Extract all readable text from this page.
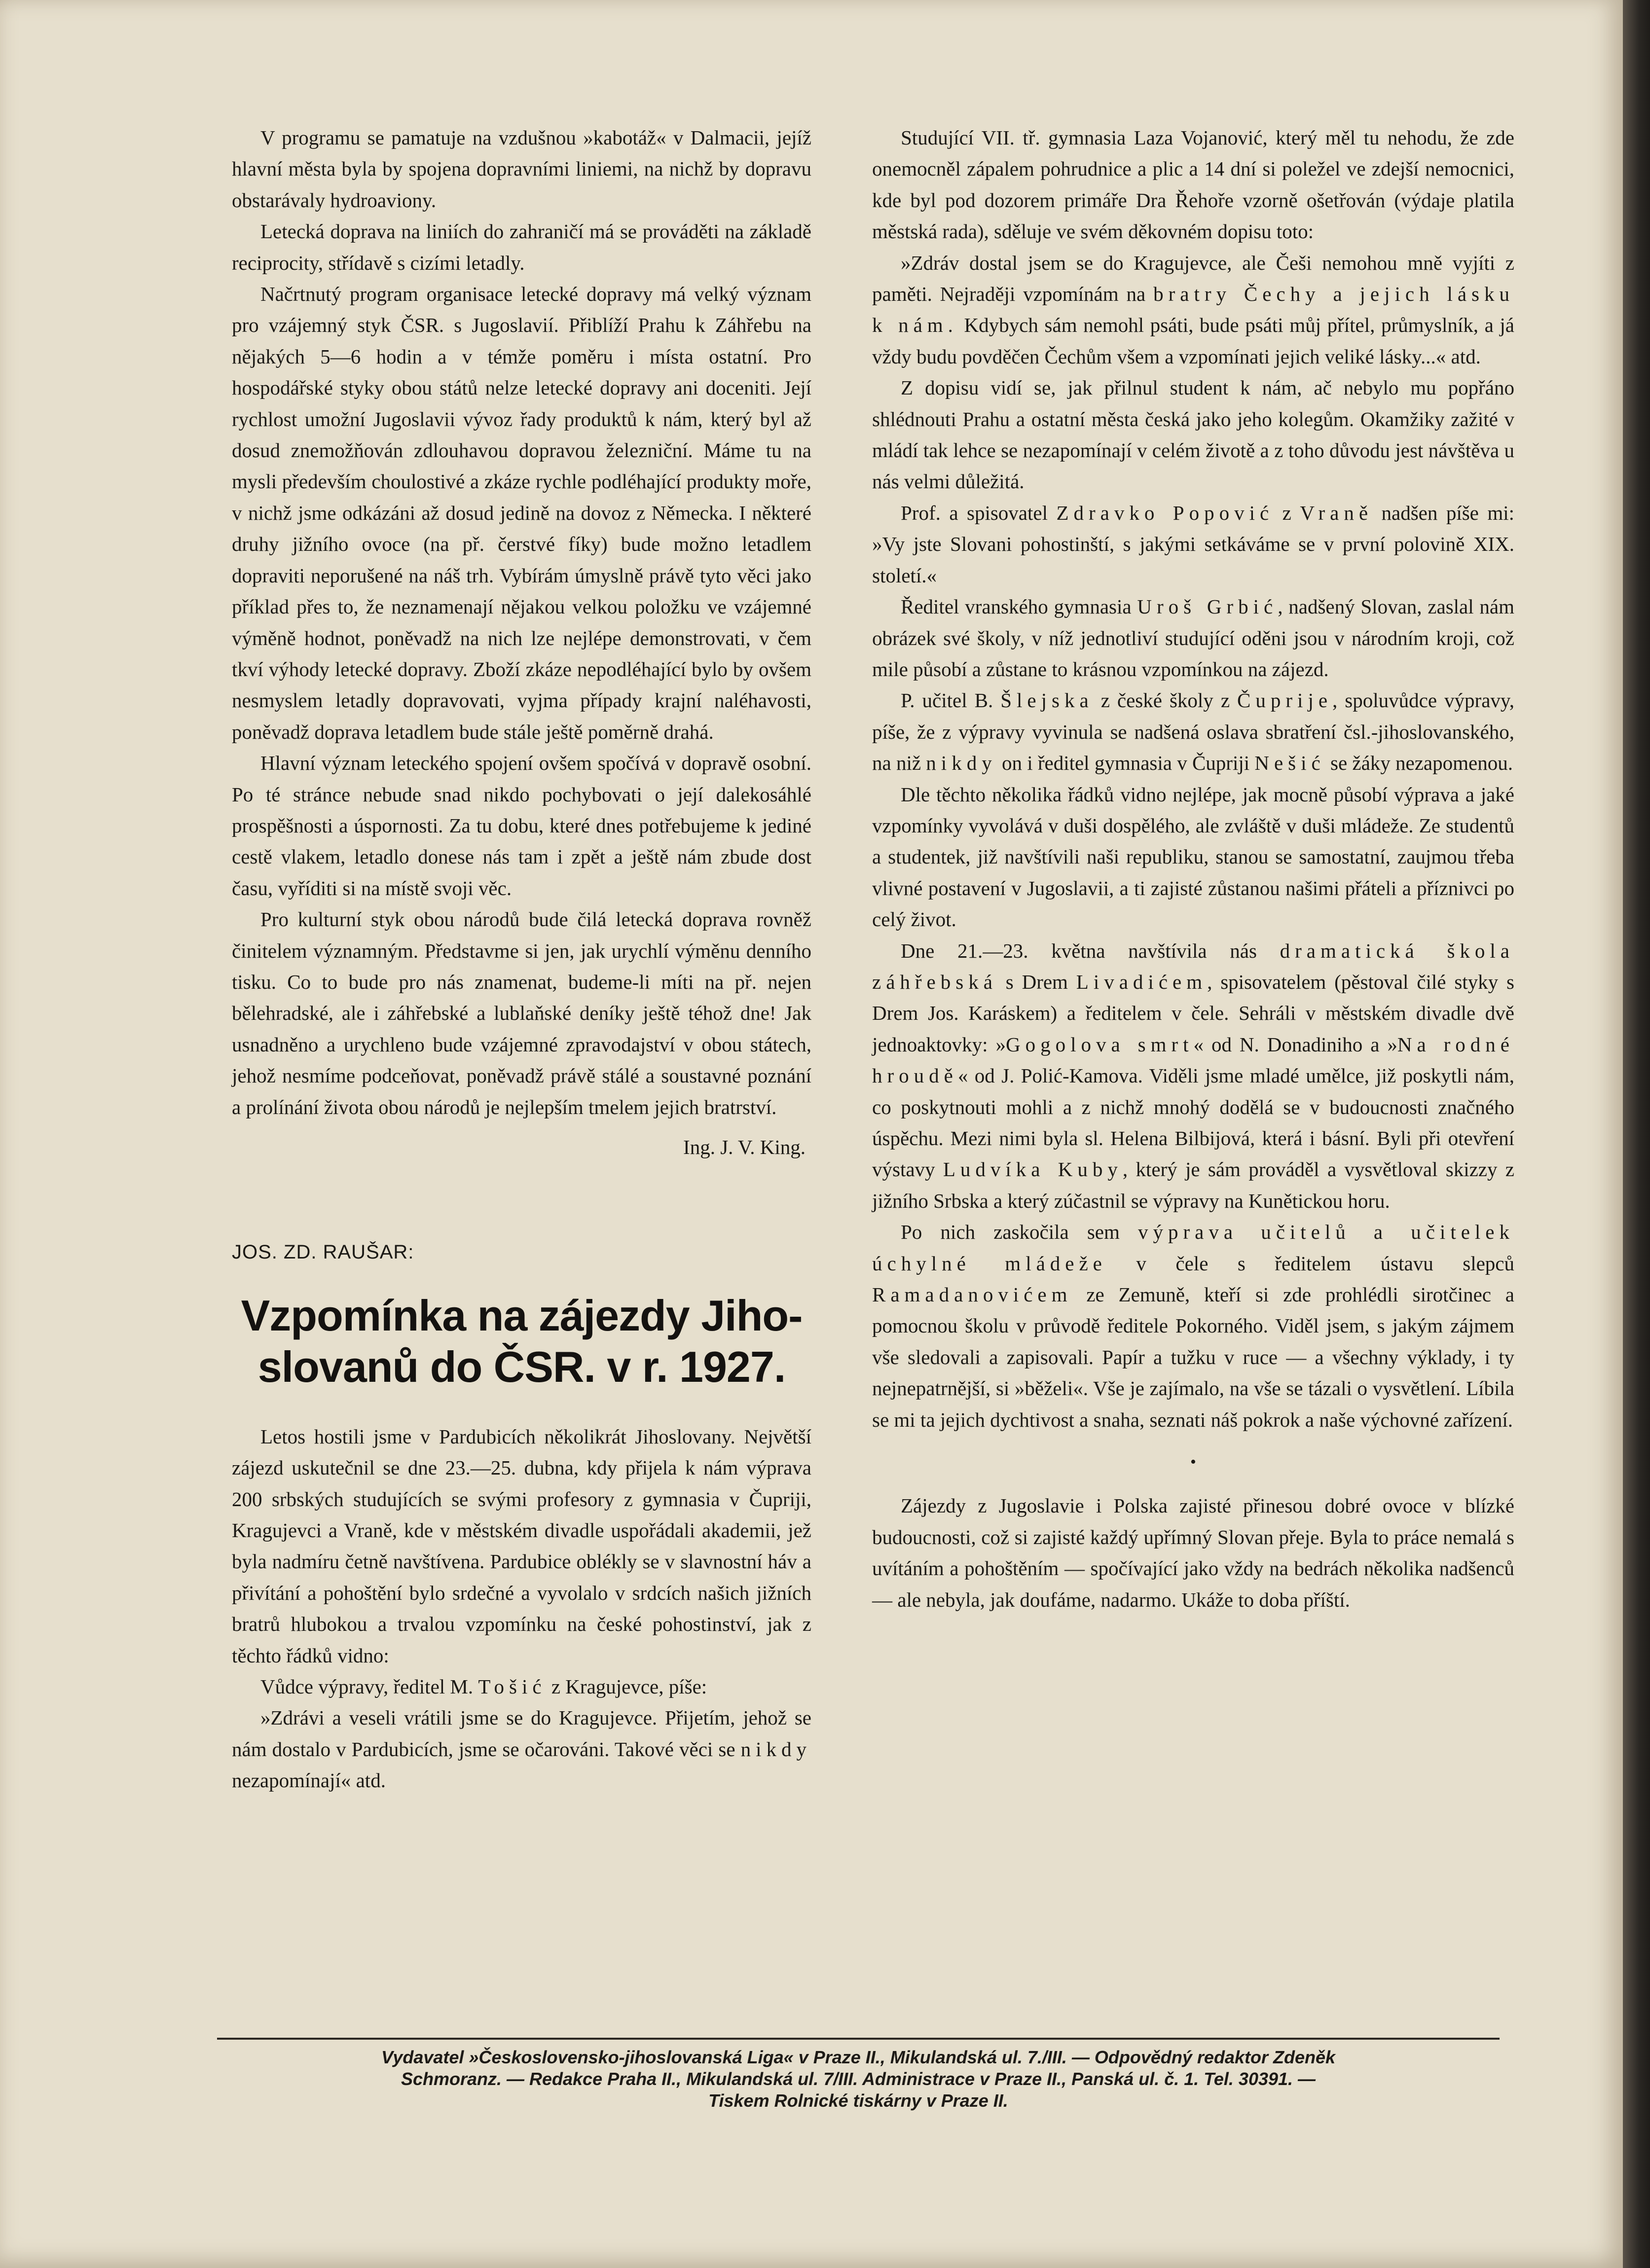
V programu se pamatuje na vzdušnou »kabotáž« v Dalmacii, jejíž hlavní města byla by spojena dopravními liniemi, na nichž by dopravu obstarávaly hydroaviony.

Letecká doprava na liniích do zahraničí má se prováděti na základě reciprocity, střídavě s cizími letadly.

Načrtnutý program organisace letecké dopravy má velký význam pro vzájemný styk ČSR. s Jugoslavií. Přiblíží Prahu k Záhřebu na nějakých 5—6 hodin a v témže poměru i místa ostatní. Pro hospodářské styky obou států nelze letecké dopravy ani doceniti. Její rychlost umožní Jugoslavii vývoz řady produktů k nám, který byl až dosud znemožňován zdlouhavou dopravou železniční. Máme tu na mysli především choulostivé a zkáze rychle podléhající produkty moře, v nichž jsme odkázáni až dosud jedině na dovoz z Německa. I některé druhy jižního ovoce (na př. čerstvé fíky) bude možno letadlem dopraviti neporušené na náš trh. Vybírám úmyslně právě tyto věci jako příklad přes to, že neznamenají nějakou velkou položku ve vzájemné výměně hodnot, poněvadž na nich lze nejlépe demonstrovati, v čem tkví výhody letecké dopravy. Zboží zkáze nepodléhající bylo by ovšem nesmyslem letadly dopravovati, vyjma případy krajní naléhavosti, poněvadž doprava letadlem bude stále ještě poměrně drahá.

Hlavní význam leteckého spojení ovšem spočívá v dopravě osobní. Po té stránce nebude snad nikdo pochybovati o její dalekosáhlé prospěšnosti a úspornosti. Za tu dobu, které dnes potřebujeme k jediné cestě vlakem, letadlo donese nás tam i zpět a ještě nám zbude dost času, vyříditi si na místě svoji věc.

Pro kulturní styk obou národů bude čilá letecká doprava rovněž činitelem významným. Představme si jen, jak urychlí výměnu denního tisku. Co to bude pro nás znamenat, budeme-li míti na př. nejen bělehradské, ale i záhřebské a lublaňské deníky ještě téhož dne! Jak usnadněno a urychleno bude vzájemné zpravodajství v obou státech, jehož nesmíme podceňovat, poněvadž právě stálé a soustavné poznání a prolínání života obou národů je nejlepším tmelem jejich bratrství.

Ing. J. V. King.
JOS. ZD. RAUŠAR:
Vzpomínka na zájezdy Jiho-
slovanů do ČSR. v r. 1927.

Letos hostili jsme v Pardubicích několikrát Jihoslovany. Největší zájezd uskutečnil se dne 23.—25. dubna, kdy přijela k nám výprava 200 srbských studujících se svými profesory z gymnasia v Čupriji, Kragujevci a Vraně, kde v městském divadle uspořádali akademii, jež byla nadmíru četně navštívena. Pardubice oblékly se v slavnostní háv a přivítání a pohoštění bylo srdečné a vyvolalo v srdcích našich jižních bratrů hlubokou a trvalou vzpomínku na české pohostinství, jak z těchto řádků vidno:

Vůdce výpravy, ředitel M. Tošić z Kragujevce, píše:

»Zdrávi a veseli vrátili jsme se do Kragujevce. Přijetím, jehož se nám dostalo v Pardubicích, jsme se očarováni. Takové věci se nikdy nezapomínají« atd.

Studující VII. tř. gymnasia Laza Vojanović, který měl tu nehodu, že zde onemocněl zápalem pohrudnice a plic a 14 dní si poležel ve zdejší nemocnici, kde byl pod dozorem primáře Dra Řehoře vzorně ošetřován (výdaje platila městská rada), sděluje ve svém děkovném dopisu toto:

»Zdráv dostal jsem se do Kragujevce, ale Češi nemohou mně vyjíti z paměti. Nejraději vzpomínám na bratry Čechy a jejich lásku k nám. Kdybych sám nemohl psáti, bude psáti můj přítel, průmyslník, a já vždy budu povděčen Čechům všem a vzpomínati jejich veliké lásky...« atd.

Z dopisu vidí se, jak přilnul student k nám, ač nebylo mu popřáno shlédnouti Prahu a ostatní města česká jako jeho kolegům. Okamžiky zažité v mládí tak lehce se nezapomínají v celém životě a z toho důvodu jest návštěva u nás velmi důležitá.

Prof. a spisovatel Zdravko Popović z Vraně nadšen píše mi: »Vy jste Slovani pohostinští, s jakými setkáváme se v první polovině XIX. století.«

Ředitel vranského gymnasia Uroš Grbić, nadšený Slovan, zaslal nám obrázek své školy, v níž jednotliví studující oděni jsou v národním kroji, což mile působí a zůstane to krásnou vzpomínkou na zájezd.

P. učitel B. Šlejska z české školy z Čuprije, spoluvůdce výpravy, píše, že z výpravy vyvinula se nadšená oslava sbratření čsl.-jihoslovanského, na niž nikdy on i ředitel gymnasia v Čupriji Nešić se žáky nezapomenou.

Dle těchto několika řádků vidno nejlépe, jak mocně působí výprava a jaké vzpomínky vyvolává v duši dospělého, ale zvláště v duši mládeže. Ze studentů a studentek, již navštívili naši republiku, stanou se samostatní, zaujmou třeba vlivné postavení v Jugoslavii, a ti zajisté zůstanou našimi přáteli a příznivci po celý život.

Dne 21.—23. května navštívila nás dramatická škola záhřebská s Drem Livadićem, spisovatelem (pěstoval čilé styky s Drem Jos. Karáskem) a ředitelem v čele. Sehráli v městském divadle dvě jednoaktovky: »Gogolova smrt« od N. Donadiniho a »Na rodné hroudě« od J. Polić-Kamova. Viděli jsme mladé umělce, již poskytli nám, co poskytnouti mohli a z nichž mnohý dodělá se v budoucnosti značného úspěchu. Mezi nimi byla sl. Helena Bilbijová, která i básní. Byli při otevření výstavy Ludvíka Kuby, který je sám prováděl a vysvětloval skizzy z jižního Srbska a který zúčastnil se výpravy na Kunětickou horu.

Po nich zaskočila sem výprava učitelů a učitelek úchylné mládeže v čele s ředitelem ústavu slepců Ramadanovićem ze Zemuně, kteří si zde prohlédli sirotčinec a pomocnou školu v průvodě ředitele Pokorného. Viděl jsem, s jakým zájmem vše sledovali a zapisovali. Papír a tužku v ruce — a všechny výklady, i ty nejnepatrnější, si »běželi«. Vše je zajímalo, na vše se tázali o vysvětlení. Líbila se mi ta jejich dychtivost a snaha, seznati náš pokrok a naše výchovné zařízení.

•

Zájezdy z Jugoslavie i Polska zajisté přinesou dobré ovoce v blízké budoucnosti, což si zajisté každý upřímný Slovan přeje. Byla to práce nemalá s uvítáním a pohoštěním — spočívající jako vždy na bedrách několika nadšenců — ale nebyla, jak doufáme, nadarmo. Ukáže to doba příští.

Vydavatel »Československo-jihoslovanská Liga« v Praze II., Mikulandská ul. 7./III. — Odpovědný redaktor Zdeněk
Schmoranz. — Redakce Praha II., Mikulandská ul. 7/III. Administrace v Praze II., Panská ul. č. 1. Tel. 30391. —
Tiskem Rolnické tiskárny v Praze II.
